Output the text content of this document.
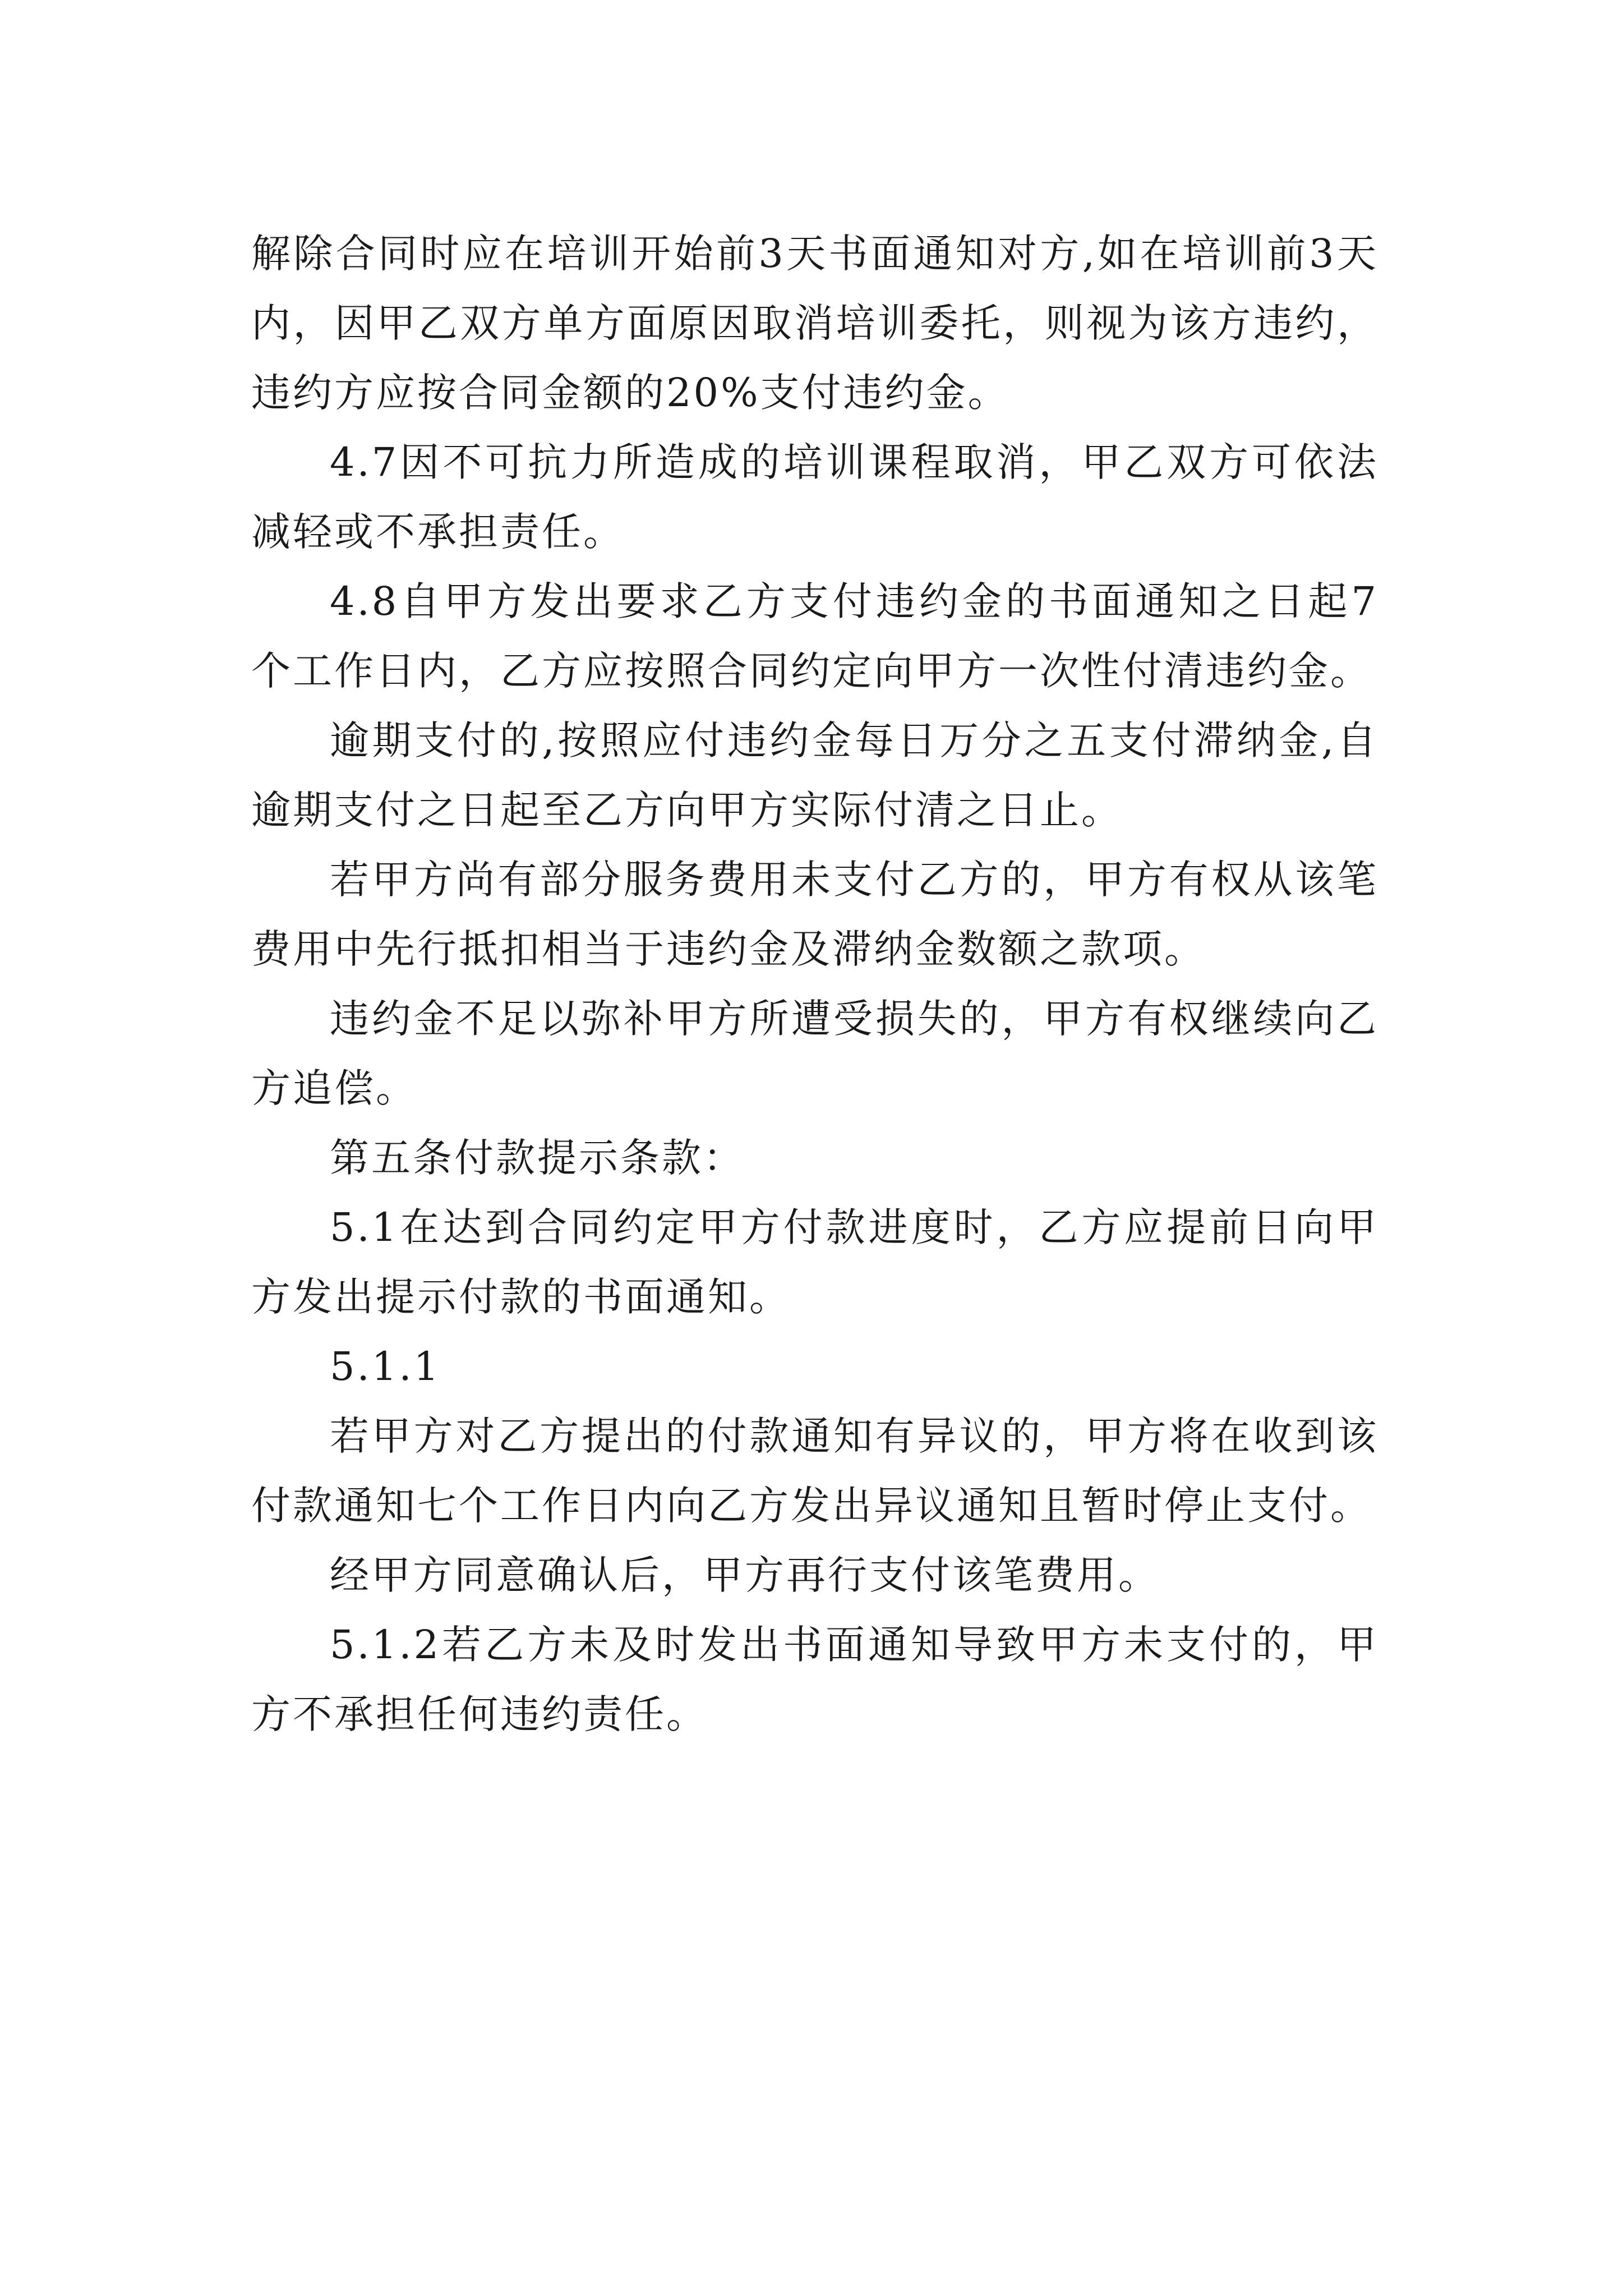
解除合同时应在培训开始前3天书面通知对方,如在培训前3天内，因甲乙双方单方面原因取消培训委托，则视为该方违约，违约方应按合同金额的20%支付违约金。

4.7因不可抗力所造成的培训课程取消，甲乙双方可依法减轻或不承担责任。

4.8自甲方发出要求乙方支付违约金的书面通知之日起7个工作日内，乙方应按照合同约定向甲方一次性付清违约金。

逾期支付的,按照应付违约金每日万分之五支付滞纳金,自逾期支付之日起至乙方向甲方实际付清之日止。

若甲方尚有部分服务费用未支付乙方的，甲方有权从该笔费用中先行抵扣相当于违约金及滞纳金数额之款项。

违约金不足以弥补甲方所遭受损失的，甲方有权继续向乙方追偿。

第五条付款提示条款：

5.1在达到合同约定甲方付款进度时，乙方应提前日向甲方发出提示付款的书面通知。

5.1.1

若甲方对乙方提出的付款通知有异议的，甲方将在收到该付款通知七个工作日内向乙方发出异议通知且暂时停止支付。

经甲方同意确认后，甲方再行支付该笔费用。

5.1.2若乙方未及时发出书面通知导致甲方未支付的，甲方不承担任何违约责任。
